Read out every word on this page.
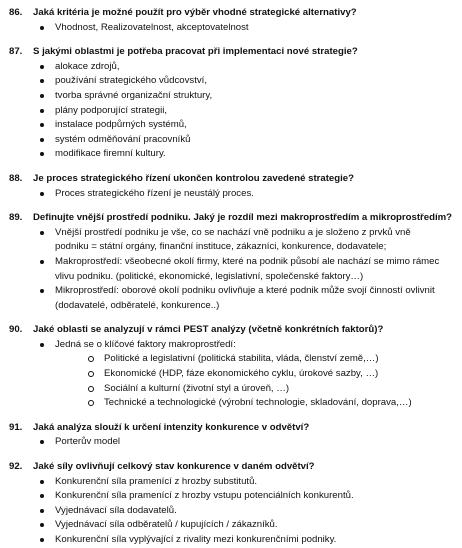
86.	Jaká kritéria je možné použít pro výběr vhodné strategické alternativy?
Vhodnost, Realizovatelnost, akceptovatelnost
87.	S jakými oblastmi je potřeba pracovat při implementaci nové strategie?
alokace zdrojů,
používání strategického vůdcovství,
tvorba správné organizační struktury,
plány podporující strategii,
instalace podpůrných systémů,
systém odměňování pracovníků
modifikace firemní kultury.
88.	Je proces strategického řízení ukončen kontrolou zavedené strategie?
Proces strategického řízení je neustálý proces.
89.	Definujte vnější prostředí podniku. Jaký je rozdíl mezi makroprostředím a mikroprostředím?
Vnější prostředí podniku je vše, co se nachází vně podniku a je složeno z prvků vně podniku = státní orgány, finanční instituce, zákazníci, konkurence, dodavatele;
Makroprostředí: všeobecné okolí firmy, které na podnik působí ale nachází se mimo rámec vlivu podniku. (politické, ekonomické, legislativní, společenské faktory…)
Mikroprostředí: oborové okolí podniku ovlivňuje a které podnik může svojí činností ovlivnit (dodavatelé, odběratelé, konkurence..)
90.	Jaké oblasti se analyzují v rámci PEST analýzy (včetně konkrétních faktorů)?
Jedná se o klíčové faktory makroprostředí:
Politické a legislativní (politická stabilita, vláda, členství země,…)
Ekonomické (HDP, fáze ekonomického cyklu, úrokové sazby, …)
Sociální a kulturní (životní styl a úroveň, …)
Technické a technologické (výrobní technologie, skladování, doprava,…)
91.	Jaká analýza slouží k určení intenzity konkurence v odvětví?
Porterův model
92.	Jaké síly ovlivňují celkový stav konkurence v daném odvětví?
Konkurenční síla pramenící z hrozby substitutů.
Konkurenční síla pramenící z hrozby vstupu potenciálních konkurentů.
Vyjednávací síla dodavatelů.
Vyjednávací síla odběratelů / kupujících / zákazníků.
Konkurenční síla vyplývající z rivality mezi konkurenčními podniky.
